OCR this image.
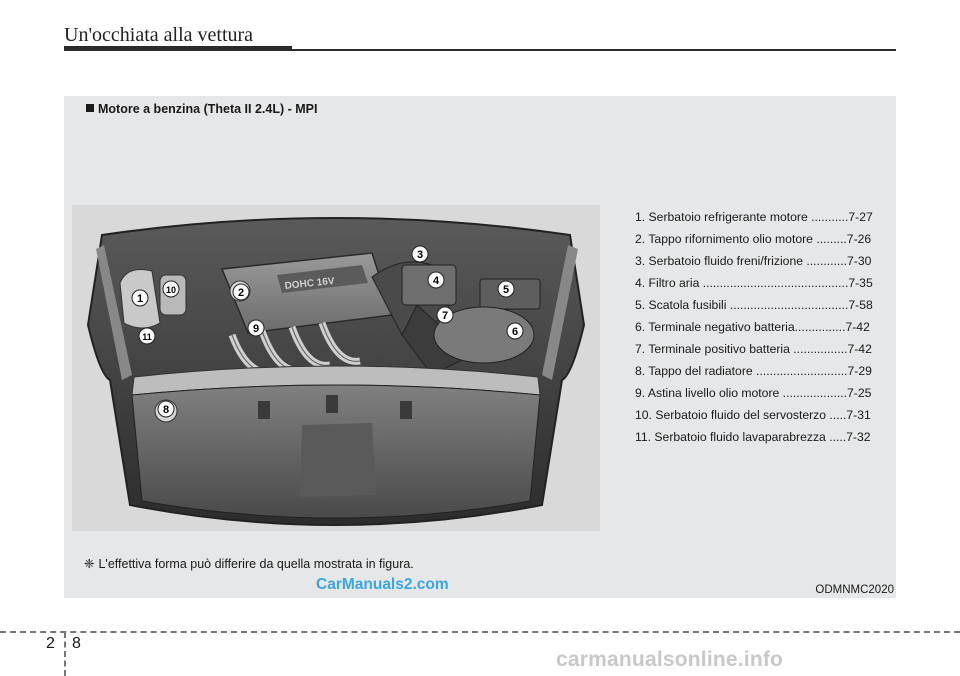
Un'occhiata alla vettura
Motore a benzina (Theta II 2.4L) - MPI
DOHC 16V
1	2
3
4
5
6
7
8
9
10
11
1. Serbatoio refrigerante motore ...........7-27
2. Tappo rifornimento olio motore .........7-26
3. Serbatoio fluido freni/frizione ............7-30
4. Filtro aria ...........................................7-35
5. Scatola fusibili ...................................7-58
6. Terminale negativo batteria...............7-42
7. Terminale positivo batteria ................7-42
8. Tappo del radiatore ...........................7-29
9. Astina livello olio motore ...................7-25
10. Serbatoio fluido del servosterzo .....7-31
11. Serbatoio fluido lavaparabrezza .....7-32
❈ L'effettiva forma può differire da quella mostrata in figura.
CarManuals2.com	ODMNMC2020
2 8
carmanualsonline.info
